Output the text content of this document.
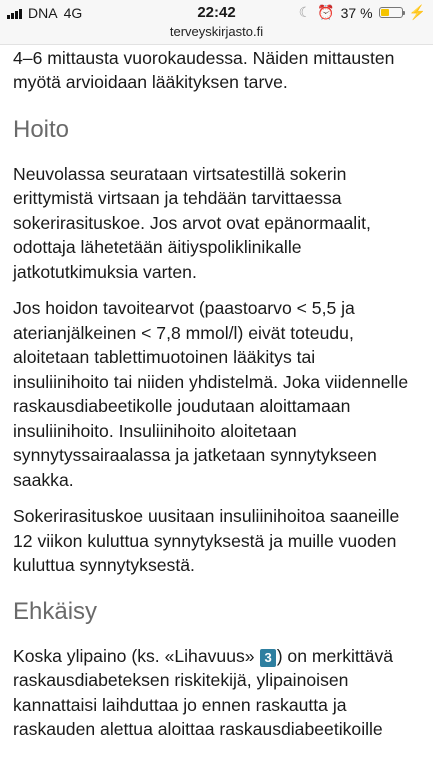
DNA 4G	22:42
terveyskirjasto.fi
☾ ⏰ 37 %	⚡

4–6 mittausta vuorokaudessa. Näiden mittausten
myötä arvioidaan lääkityksen tarve.

Hoito

Neuvolassa seurataan virtsatestillä sokerin
erittymistä virtsaan ja tehdään tarvittaessa
sokerirasituskoe. Jos arvot ovat epänormaalit,
odottaja lähetetään äitiyspoliklinikalle
jatkotutkimuksia varten.

Jos hoidon tavoitearvot (paastoarvo < 5,5 ja
aterianjälkeinen < 7,8 mmol/l) eivät toteudu,
aloitetaan tablettimuotoinen lääkitys tai
insuliinihoito tai niiden yhdistelmä. Joka viidennelle
raskausdiabeetikolle joudutaan aloittamaan
insuliinihoito. Insuliinihoito aloitetaan
synnytyssairaalassa ja jatketaan synnytykseen
saakka.

Sokerirasituskoe uusitaan insuliinihoitoa saaneille
12 viikon kuluttua synnytyksestä ja muille vuoden
kuluttua synnytyksestä.

Ehkäisy

Koska ylipaino (ks. «Lihavuus» 3 ) on merkittävä
raskausdiabeteksen riskitekijä, ylipainoisen
kannattaisi laihduttaa jo ennen raskautta ja
raskauden alettua aloittaa raskausdiabeetikoille
